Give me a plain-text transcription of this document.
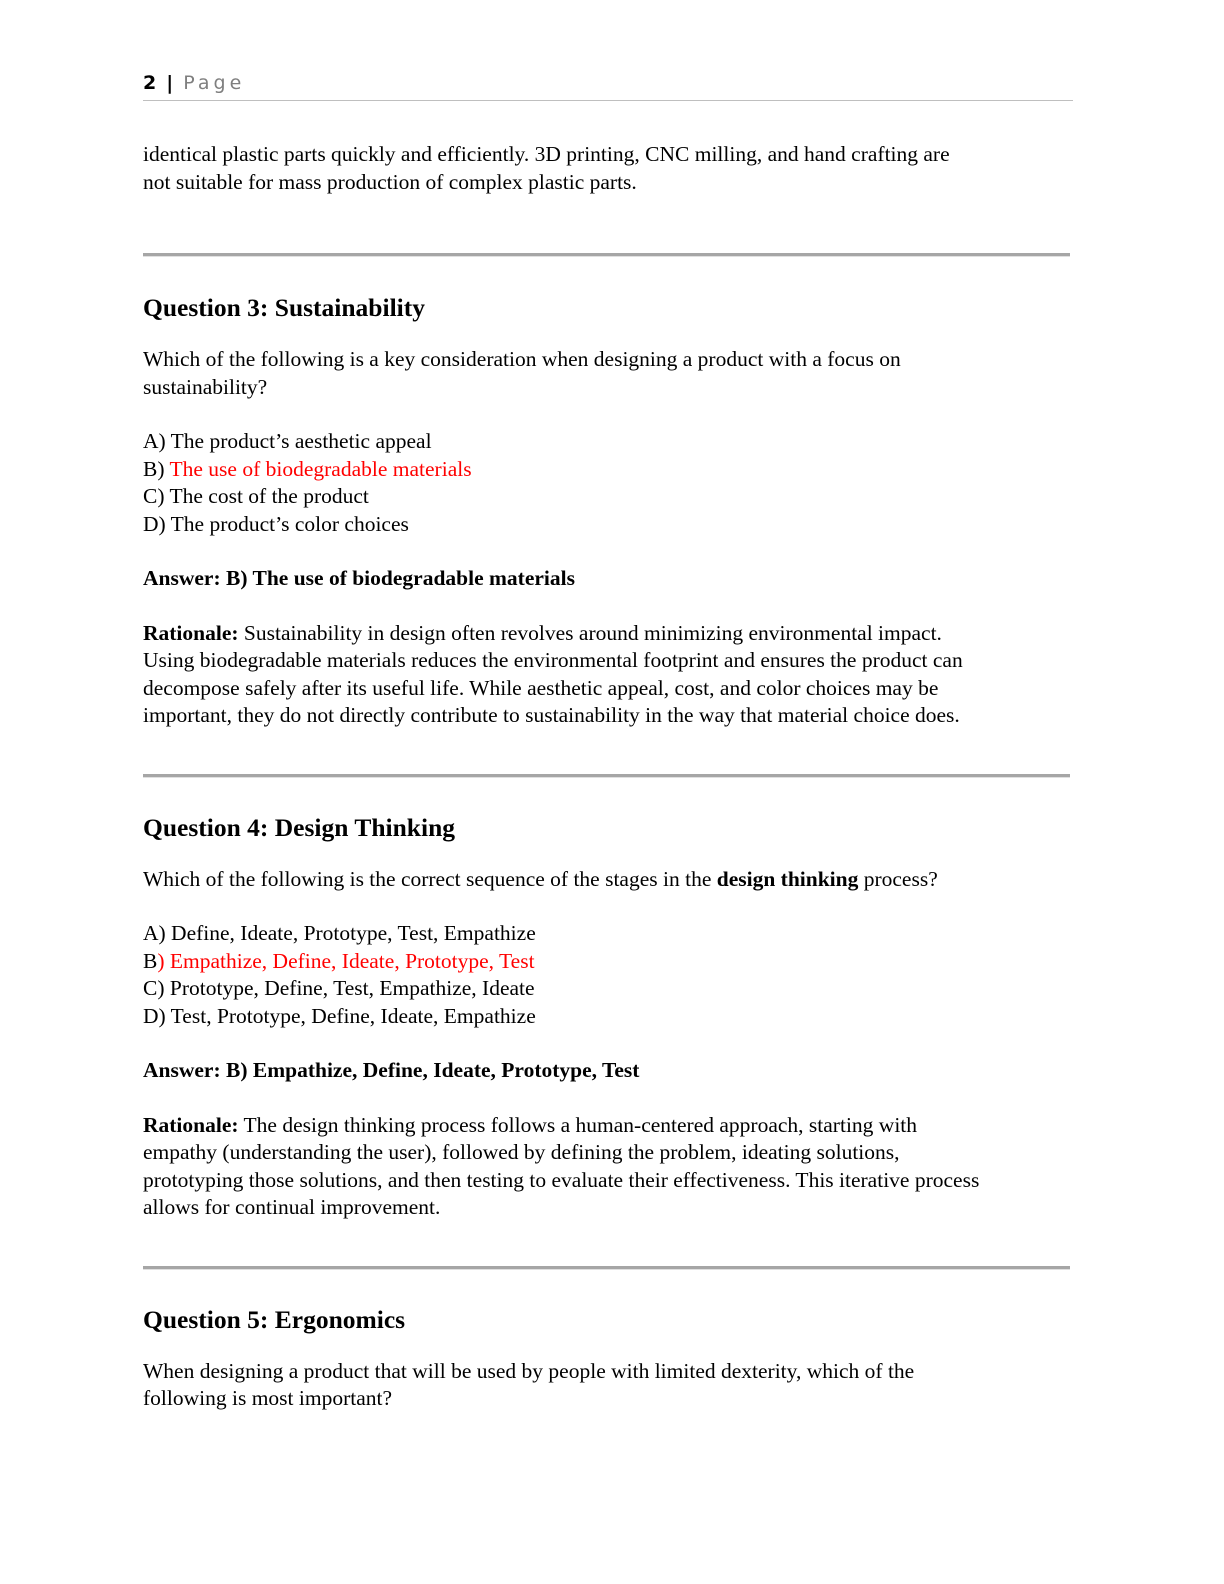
2 | Page

identical plastic parts quickly and efficiently. 3D printing, CNC milling, and hand crafting are
not suitable for mass production of complex plastic parts.

Question 3: Sustainability

Which of the following is a key consideration when designing a product with a focus on
sustainability?

A) The product’s aesthetic appeal
B) The use of biodegradable materials
C) The cost of the product
D) The product’s color choices

Answer: B) The use of biodegradable materials

Rationale: Sustainability in design often revolves around minimizing environmental impact.
Using biodegradable materials reduces the environmental footprint and ensures the product can
decompose safely after its useful life. While aesthetic appeal, cost, and color choices may be
important, they do not directly contribute to sustainability in the way that material choice does.

Question 4: Design Thinking

Which of the following is the correct sequence of the stages in the design thinking process?

A) Define, Ideate, Prototype, Test, Empathize
B) Empathize, Define, Ideate, Prototype, Test
C) Prototype, Define, Test, Empathize, Ideate
D) Test, Prototype, Define, Ideate, Empathize

Answer: B) Empathize, Define, Ideate, Prototype, Test

Rationale: The design thinking process follows a human-centered approach, starting with
empathy (understanding the user), followed by defining the problem, ideating solutions,
prototyping those solutions, and then testing to evaluate their effectiveness. This iterative process
allows for continual improvement.

Question 5: Ergonomics

When designing a product that will be used by people with limited dexterity, which of the
following is most important?
